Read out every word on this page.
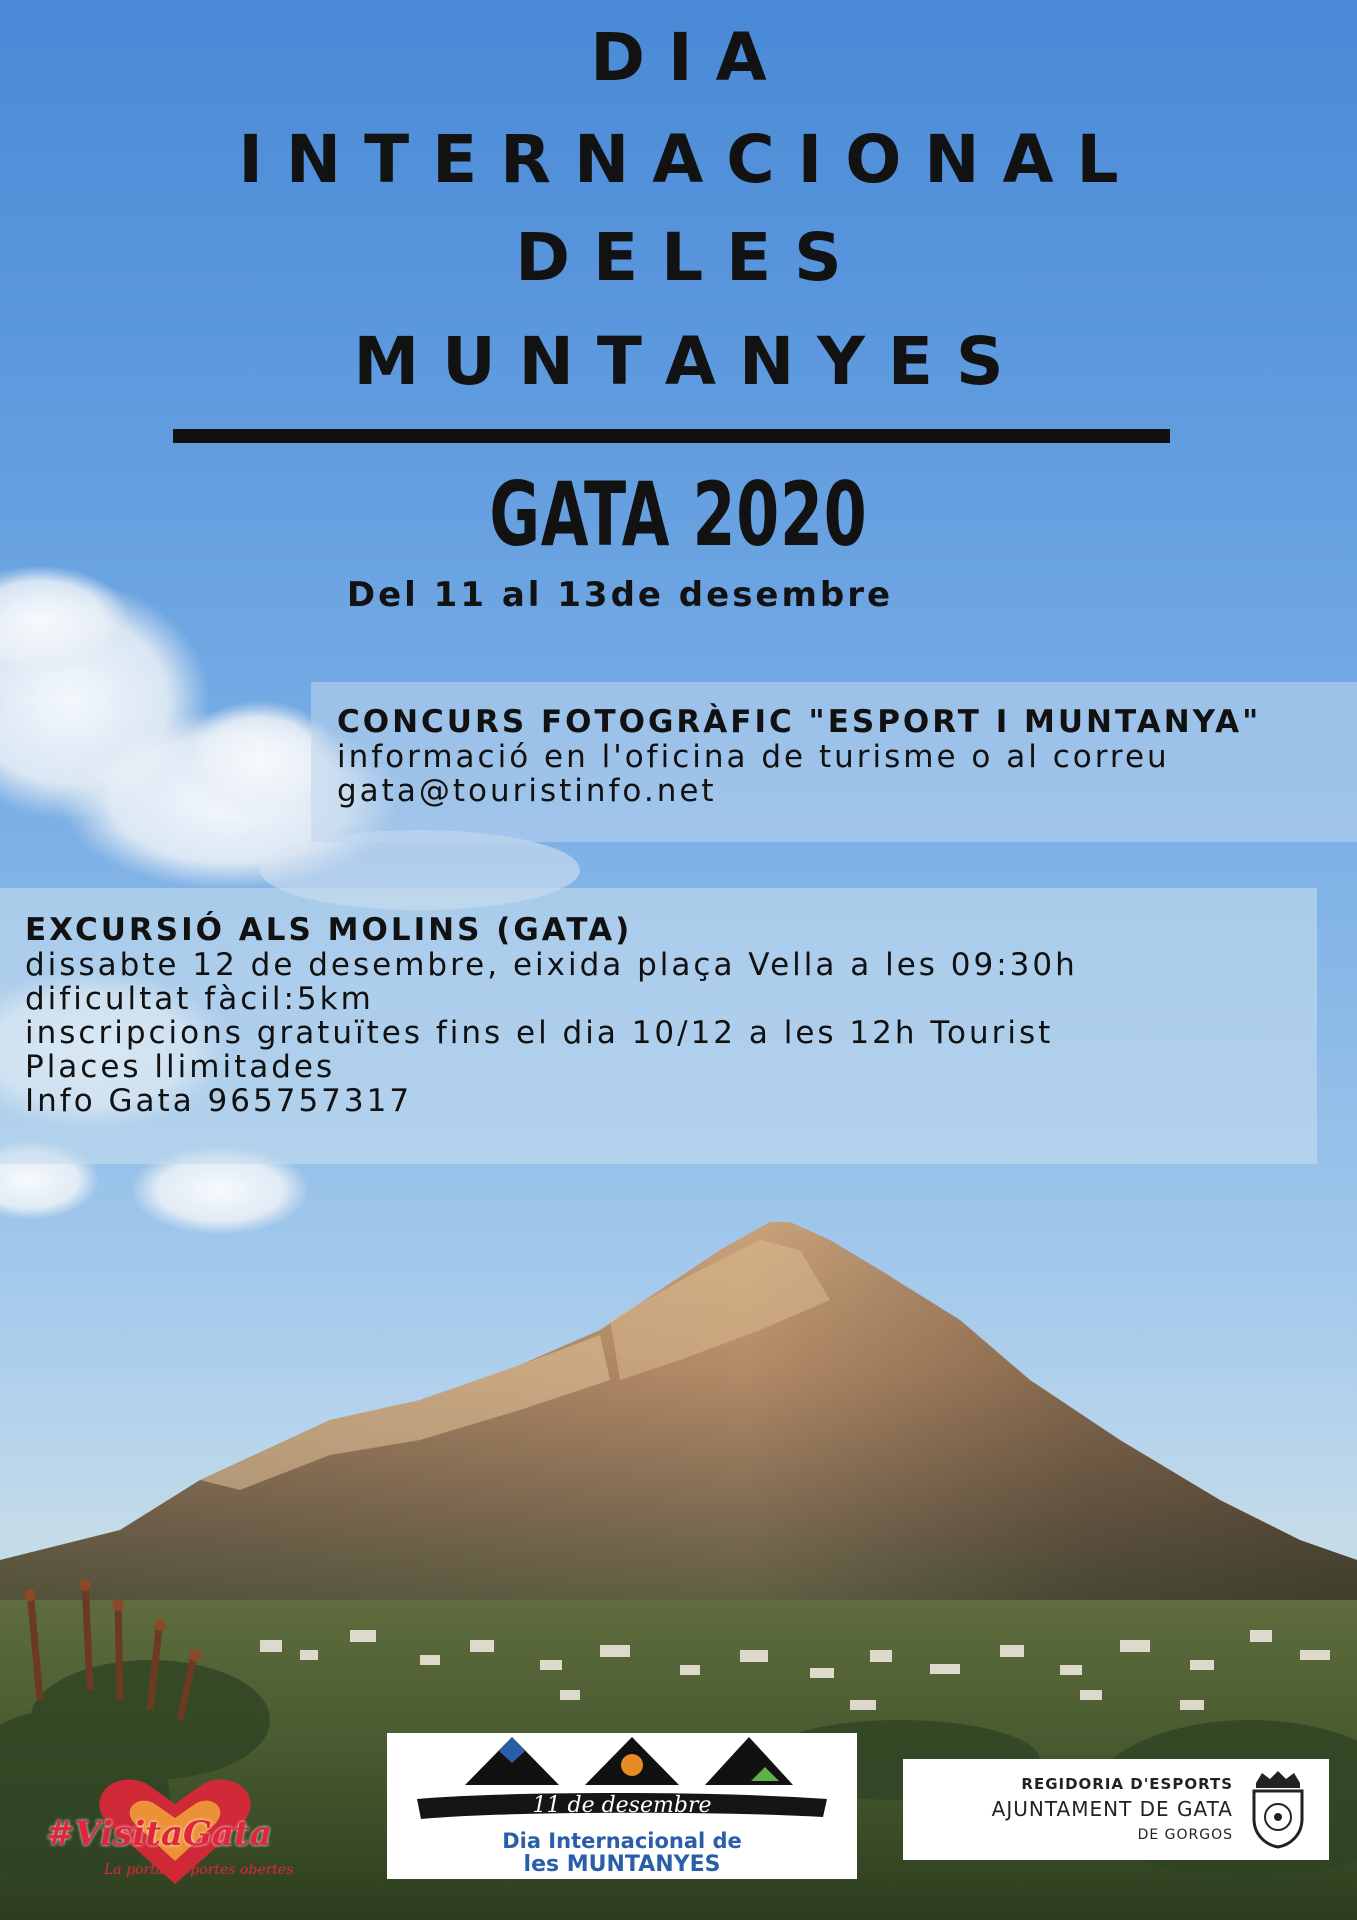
D I A
I N T E R N A C I O N A L
D E L E S
M U N T A N Y E S
GATA 2020
Del 11 al 13de desembre
CONCURS FOTOGRÀFIC "ESPORT I MUNTANYA"
informació en l'oficina de turisme o al correu
gata@touristinfo.net
EXCURSIÓ ALS MOLINS (GATA)
dissabte 12 de desembre, eixida plaça Vella a les 09:30h
dificultat fàcil:5km
inscripcions gratuïtes fins el dia 10/12 a les 12h Tourist
Places llimitades
Info Gata 965757317
#VisitaGata
La porta de portes obertes
11 de desembre
Dia Internacional de
les MUNTANYES
REGIDORIA D'ESPORTS
AJUNTAMENT DE GATA
DE GORGOS
